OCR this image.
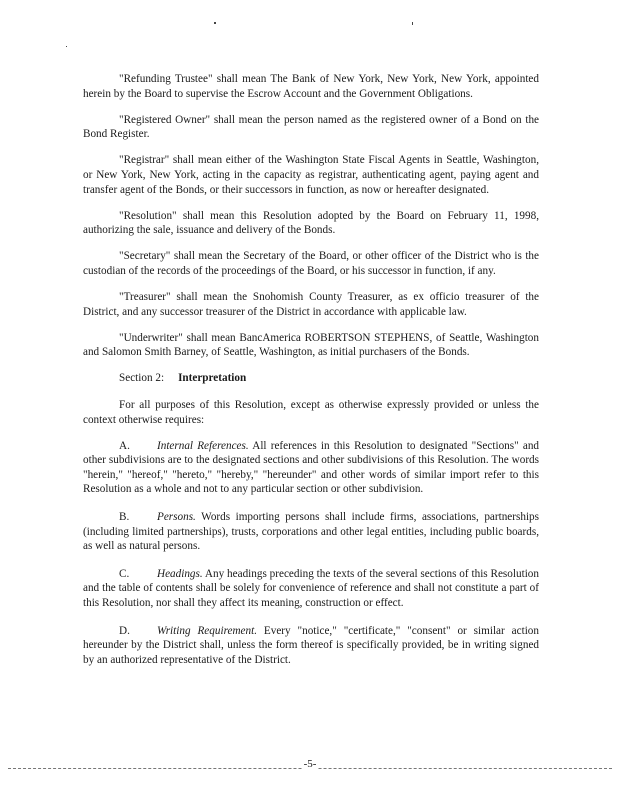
"Refunding Trustee" shall mean The Bank of New York, New York, New York, appointed herein by the Board to supervise the Escrow Account and the Government Obligations.

"Registered Owner" shall mean the person named as the registered owner of a Bond on the Bond Register.

"Registrar" shall mean either of the Washington State Fiscal Agents in Seattle, Washington, or New York, New York, acting in the capacity as registrar, authenticating agent, paying agent and transfer agent of the Bonds, or their successors in function, as now or hereafter designated.

"Resolution" shall mean this Resolution adopted by the Board on February 11, 1998, authorizing the sale, issuance and delivery of the Bonds.

"Secretary" shall mean the Secretary of the Board, or other officer of the District who is the custodian of the records of the proceedings of the Board, or his successor in function, if any.

"Treasurer" shall mean the Snohomish County Treasurer, as ex officio treasurer of the District, and any successor treasurer of the District in accordance with applicable law.

"Underwriter" shall mean BancAmerica ROBERTSON STEPHENS, of Seattle, Washington and Salomon Smith Barney, of Seattle, Washington, as initial purchasers of the Bonds.

Section 2: Interpretation

For all purposes of this Resolution, except as otherwise expressly provided or unless the context otherwise requires:

A. Internal References. All references in this Resolution to designated "Sections" and other subdivisions are to the designated sections and other subdivisions of this Resolution. The words "herein," "hereof," "hereto," "hereby," "hereunder" and other words of similar import refer to this Resolution as a whole and not to any particular section or other subdivision.

B. Persons. Words importing persons shall include firms, associations, partnerships (including limited partnerships), trusts, corporations and other legal entities, including public boards, as well as natural persons.

C. Headings. Any headings preceding the texts of the several sections of this Resolution and the table of contents shall be solely for convenience of reference and shall not constitute a part of this Resolution, nor shall they affect its meaning, construction or effect.

D. Writing Requirement. Every "notice," "certificate," "consent" or similar action hereunder by the District shall, unless the form thereof is specifically provided, be in writing signed by an authorized representative of the District.

-5-
